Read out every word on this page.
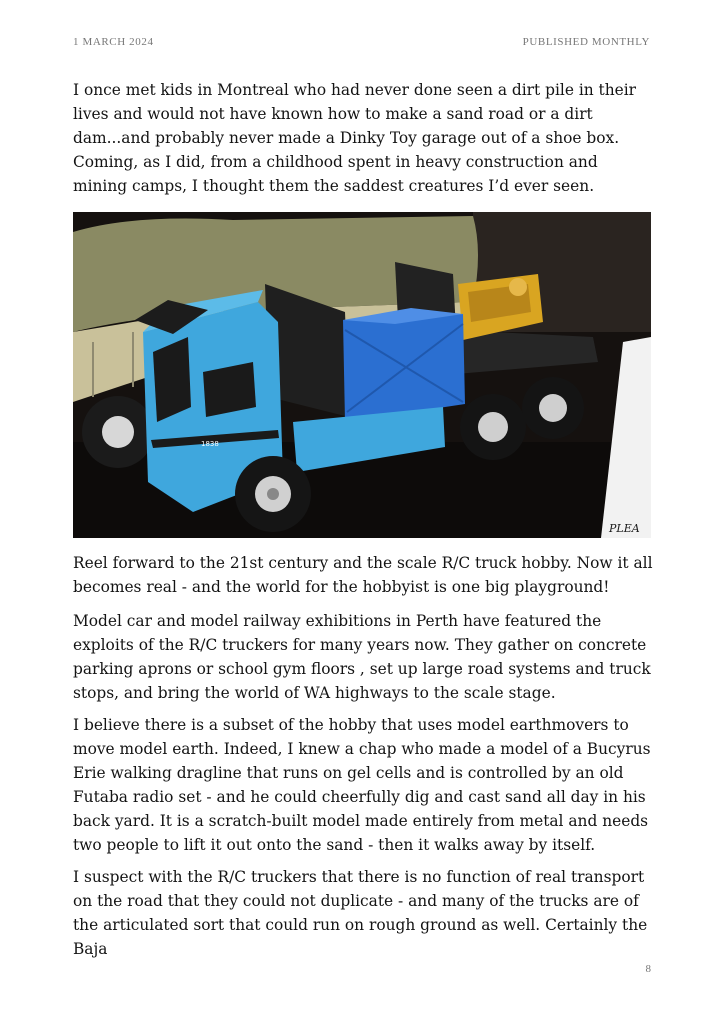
1 MARCH 2024	PUBLISHED MONTHLY

I once met kids in Montreal who had never done seen a dirt pile in their lives and would not have known how to make a sand road or a dirt dam...and probably never made a Dinky Toy garage out of a shoe box. Coming, as I did, from a childhood spent in heavy construction and mining camps, I thought them the saddest creatures I’d ever seen.

1838
PLEA

Reel forward to the 21st century and the scale R/C truck hobby. Now it all becomes real - and the world for the hobbyist is one big playground!

Model car and model railway exhibitions in Perth have featured the exploits of the R/C truckers for many years now. They gather on concrete parking aprons or school gym floors , set up large road systems and truck stops, and bring the world of WA highways to the scale stage.

I believe there is a subset of the hobby that uses model earthmovers to move model earth. Indeed, I knew a chap who made a model of a Bucyrus Erie walking dragline that runs on gel cells and is controlled by an old Futaba radio set - and he could cheerfully dig and cast sand all day in his back yard. It is a scratch-built model made entirely from metal and needs two people to lift it out onto the sand - then it walks away by itself.

I suspect with the R/C truckers that there is no function of real transport on the road that they could not duplicate - and many of the trucks are of the articulated sort that could run on rough ground as well. Certainly the Baja

8
